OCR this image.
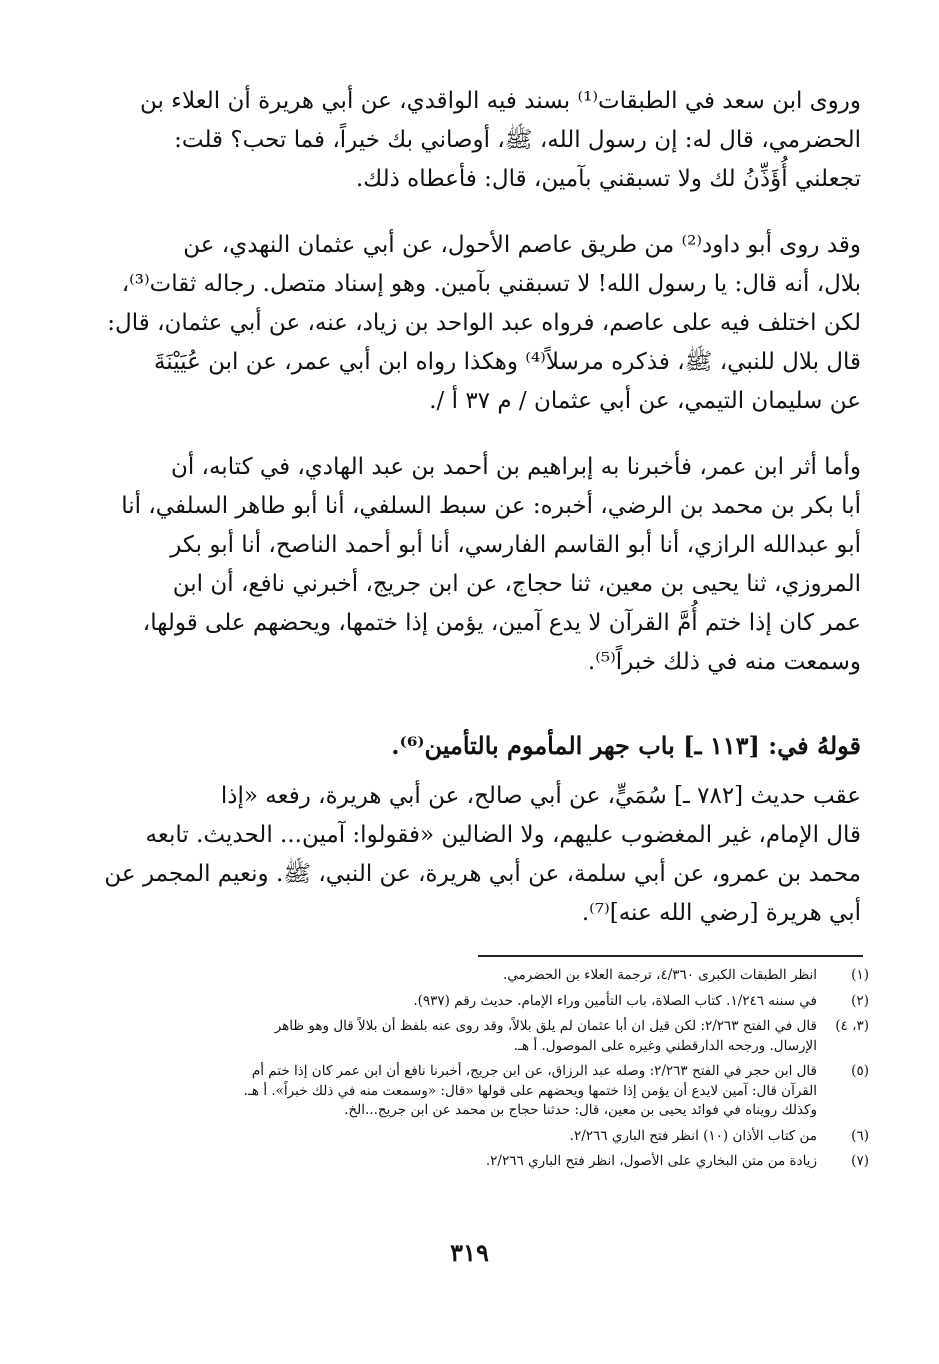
وروى ابن سعد في الطبقات⁽¹⁾ بسند فيه الواقدي، عن أبي هريرة أن العلاء بن
الحضرمي، قال له: إن رسول الله، ﷺ، أوصاني بك خيراً، فما تحب؟ قلت:
تجعلني أُؤَذِّنُ لك ولا تسبقني بآمين، قال: فأعطاه ذلك.
وقد روى أبو داود⁽²⁾ من طريق عاصم الأحول، عن أبي عثمان النهدي، عن
بلال، أنه قال: يا رسول الله! لا تسبقني بآمين. وهو إسناد متصل. رجاله ثقات⁽³⁾،
لكن اختلف فيه على عاصم، فرواه عبد الواحد بن زياد، عنه، عن أبي عثمان، قال:
قال بلال للنبي، ﷺ، فذكره مرسلاً⁽⁴⁾ وهكذا رواه ابن أبي عمر، عن ابن عُيَيْنَةَ
عن سليمان التيمي، عن أبي عثمان / م ٣٧ أ /.
وأما أثر ابن عمر، فأخبرنا به إبراهيم بن أحمد بن عبد الهادي، في كتابه، أن
أبا بكر بن محمد بن الرضي، أخبره: عن سبط السلفي، أنا أبو طاهر السلفي، أنا
أبو عبدالله الرازي، أنا أبو القاسم الفارسي، أنا أبو أحمد الناصح، أنا أبو بكر
المروزي، ثنا يحيى بن معين، ثنا حجاج، عن ابن جريج، أخبرني نافع، أن ابن
عمر كان إذا ختم أُمَّ القرآن لا يدع آمين، يؤمن إذا ختمها، ويحضهم على قولها،
وسمعت منه في ذلك خبراً⁽⁵⁾.
قولهُ في: [١١٣ ـ] باب جهر المأموم بالتأمين⁽⁶⁾.
عقب حديث [٧٨٢ ـ] سُمَيٍّ، عن أبي صالح، عن أبي هريرة، رفعه «إذا
قال الإمام، غير المغضوب عليهم، ولا الضالين «فقولوا: آمين... الحديث. تابعه
محمد بن عمرو، عن أبي سلمة، عن أبي هريرة، عن النبي، ﷺ. ونعيم المجمر عن
أبي هريرة [رضي الله عنه]⁽⁷⁾.
(١)
انظر الطبقات الكبرى ٤/٣٦٠، ترجمة العلاء بن الحضرمي.
(٢)
في سننه ١/٢٤٦. كتاب الصلاة، باب التأمين وراء الإمام. حديث رقم (٩٣٧).
(٣، ٤)
قال في الفتح ٢/٢٦٣: لكن قيل ان أبا عثمان لم يلق بلالاً، وقد روى عنه بلفظ أن بلالاً قال وهو ظاهر
الإرسال. ورجحه الدارقطني وغيره على الموصول. أ هـ.
(٥)
قال ابن حجر في الفتح ٢/٢٦٣: وصله عبد الرزاق، عن ابن جريج، أخبرنا نافع أن ابن عمر كان إذا ختم أم
القرآن قال: آمين لايدع أن يؤمن إذا ختمها ويحضهم على قولها «قال: «وسمعت منه في ذلك خبراً». أ هـ.
وكذلك رويناه في فوائد يحيى بن معين، قال: حدثنا حجاج بن محمد عن ابن جريج...الخ.
(٦)
من كتاب الأذان (١٠) انظر فتح الباري ٢/٢٦٦.
(٧)
زيادة من متن البخاري على الأصول، انظر فتح الباري ٢/٢٦٦.
٣١٩
